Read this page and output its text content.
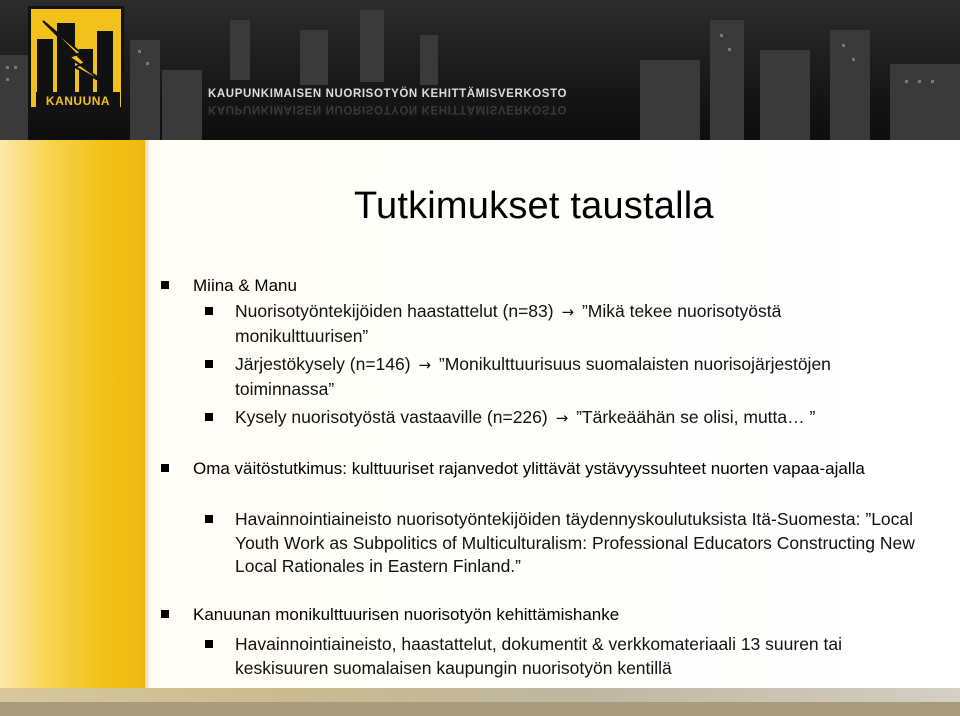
KANUUNA	KAUPUNKIMAISEN NUORISOTYÖN KEHITTÄMISVERKOSTO
KAUPUNKIMAISEN NUORISOTYÖN KEHITTÄMISVERKOSTO
Tutkimukset taustalla
Miina & Manu
Nuorisotyöntekijöiden haastattelut (n=83) → ”Mikä tekee nuorisotyöstä monikulttuurisen”
Järjestökysely (n=146) → ”Monikulttuurisuus suomalaisten nuorisojärjestöjen toiminnassa”
Kysely nuorisotyöstä vastaaville (n=226) → ”Tärkeäähän se olisi, mutta… ”
Oma väitöstutkimus: kulttuuriset rajanvedot ylittävät ystävyyssuhteet nuorten vapaa-ajalla
Havainnointiaineisto nuorisotyöntekijöiden täydennyskoulutuksista Itä-Suomesta: ”Local Youth Work as Subpolitics of Multiculturalism: Professional Educators Constructing New Local Rationales in Eastern Finland.”
Kanuunan monikulttuurisen nuorisotyön kehittämishanke
Havainnointiaineisto, haastattelut, dokumentit & verkkomateriaali 13 suuren tai keskisuuren suomalaisen kaupungin nuorisotyön kentillä
